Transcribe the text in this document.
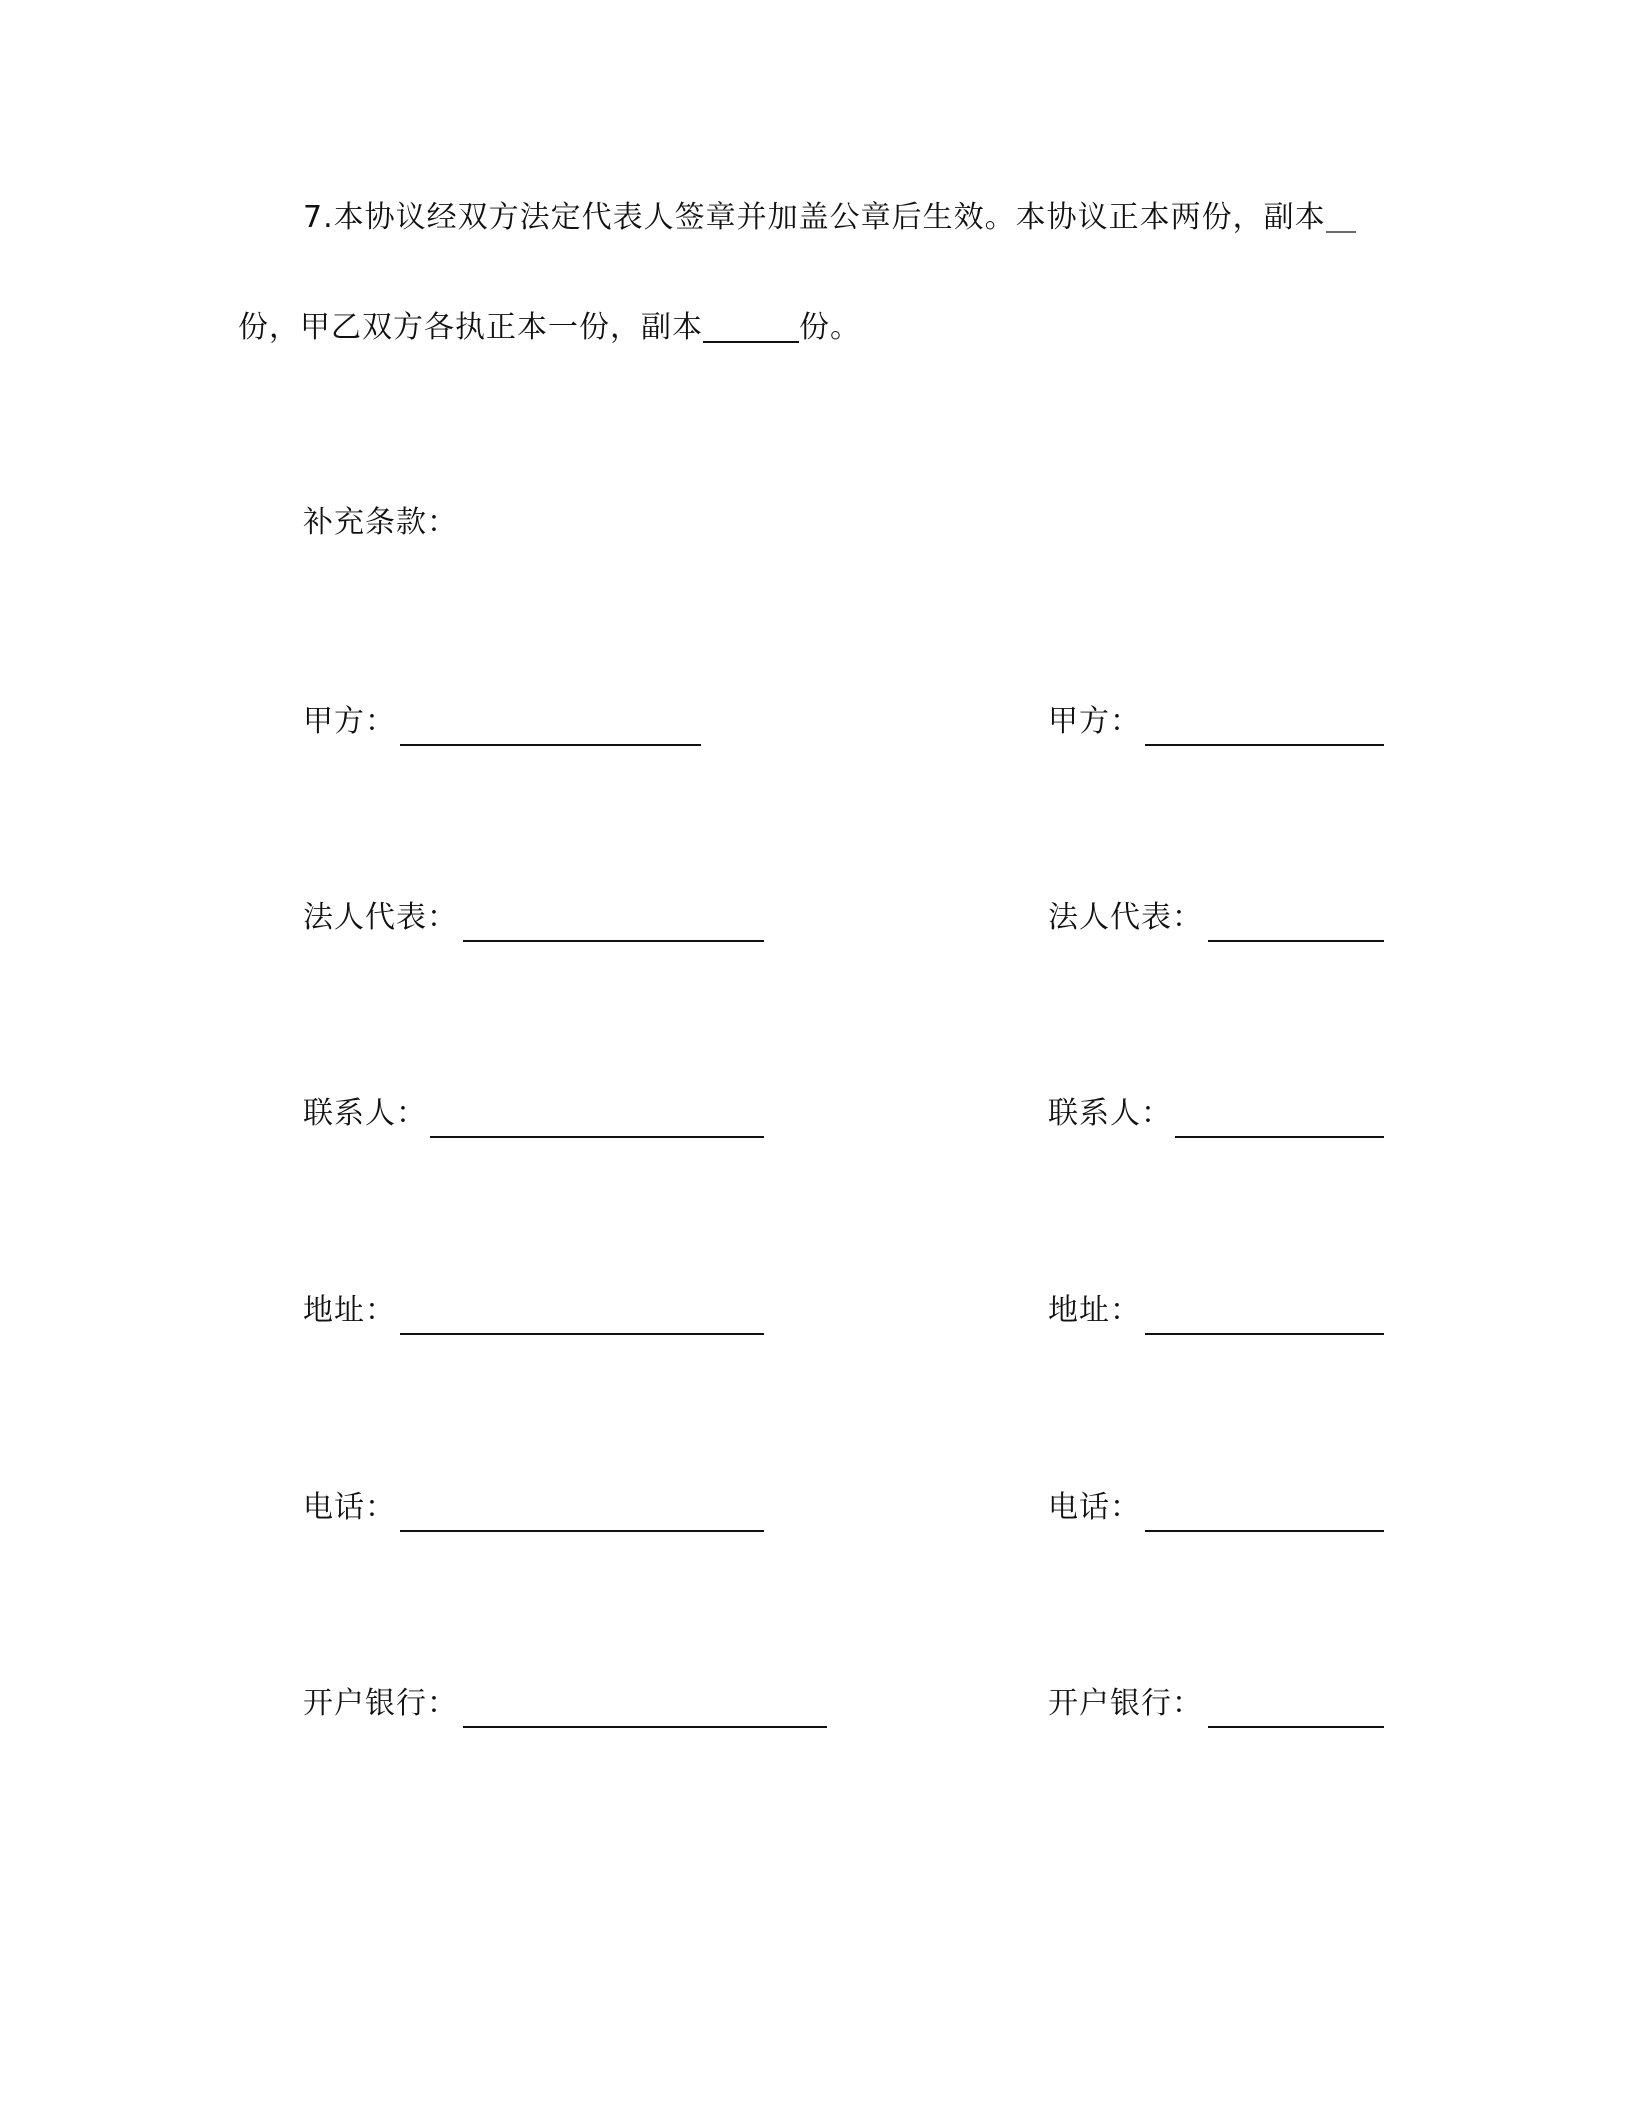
7.本协议经双方法定代表人签章并加盖公章后生效。本协议正本两份，副本
份，甲乙双方各执正本一份，副本	份。
补充条款：
甲方：
法人代表：
联系人：
地址：
电话：
开户银行：
甲方：
法人代表：
联系人：
地址：
电话：
开户银行：
